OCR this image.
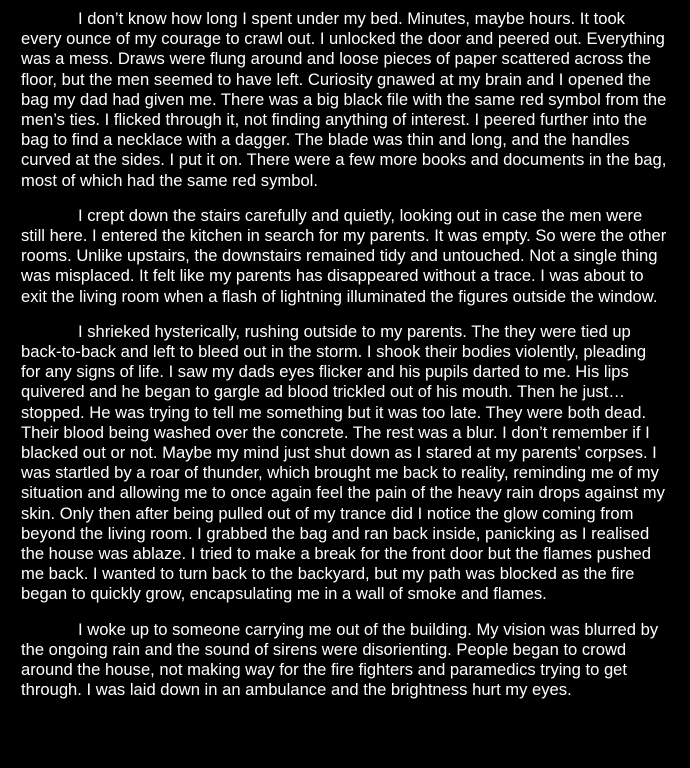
I don’t know how long I spent under my bed. Minutes, maybe hours. It took every ounce of my courage to crawl out. I unlocked the door and peered out. Everything was a mess. Draws were flung around and loose pieces of paper scattered across the floor, but the men seemed to have left. Curiosity gnawed at my brain and I opened the bag my dad had given me. There was a big black file with the same red symbol from the men’s ties. I flicked through it, not finding anything of interest. I peered further into the bag to find a necklace with a dagger. The blade was thin and long, and the handles curved at the sides. I put it on. There were a few more books and documents in the bag, most of which had the same red symbol.

I crept down the stairs carefully and quietly, looking out in case the men were still here. I entered the kitchen in search for my parents. It was empty. So were the other rooms. Unlike upstairs, the downstairs remained tidy and untouched. Not a single thing was misplaced. It felt like my parents has disappeared without a trace. I was about to exit the living room when a flash of lightning illuminated the figures outside the window.

I shrieked hysterically, rushing outside to my parents. The they were tied up back-to-back and left to bleed out in the storm. I shook their bodies violently, pleading for any signs of life. I saw my dads eyes flicker and his pupils darted to me. His lips quivered and he began to gargle ad blood trickled out of his mouth. Then he just… stopped. He was trying to tell me something but it was too late. They were both dead. Their blood being washed over the concrete. The rest was a blur. I don’t remember if I blacked out or not. Maybe my mind just shut down as I stared at my parents’ corpses. I was startled by a roar of thunder, which brought me back to reality, reminding me of my situation and allowing me to once again feel the pain of the heavy rain drops against my skin. Only then after being pulled out of my trance did I notice the glow coming from beyond the living room. I grabbed the bag and ran back inside, panicking as I realised the house was ablaze. I tried to make a break for the front door but the flames pushed me back. I wanted to turn back to the backyard, but my path was blocked as the fire began to quickly grow, encapsulating me in a wall of smoke and flames.

I woke up to someone carrying me out of the building. My vision was blurred by the ongoing rain and the sound of sirens were disorienting. People began to crowd around the house, not making way for the fire fighters and paramedics trying to get through. I was laid down in an ambulance and the brightness hurt my eyes.
